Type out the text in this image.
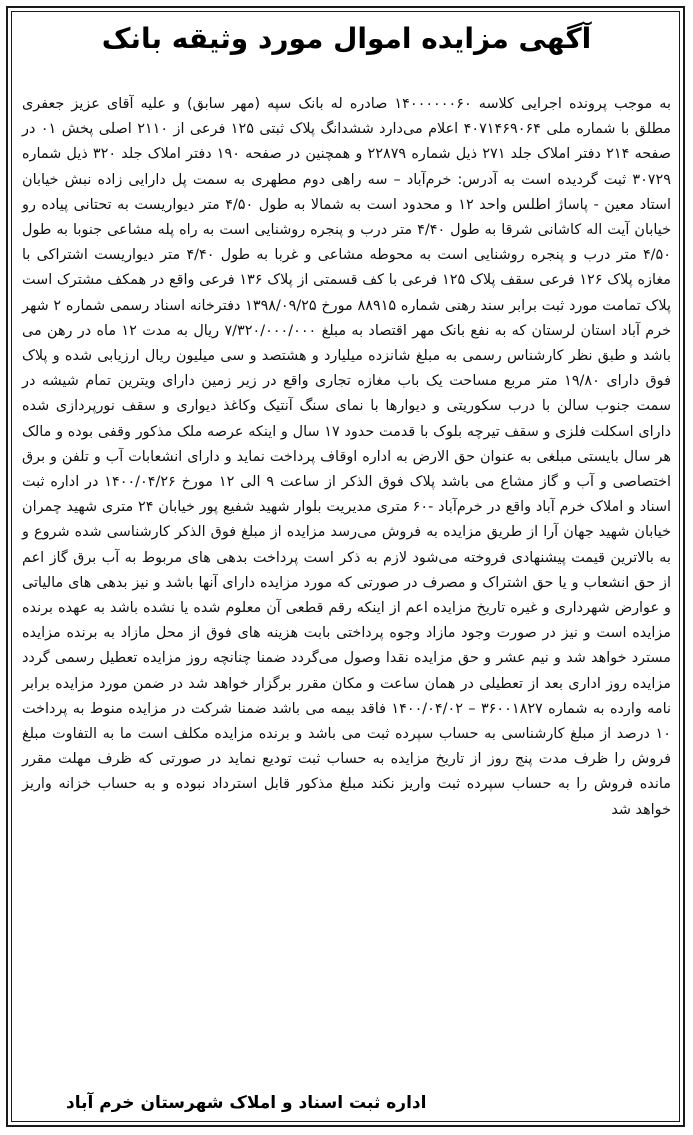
آگهی مزایده اموال مورد وثیقه بانک

به موجب پرونده اجرایی کلاسه ۱۴۰۰۰۰۰۰۶۰ صادره له بانک سپه (مهر سابق) و علیه آقای عزیز جعفری مطلق با شماره ملی ۴۰۷۱۴۶۹۰۶۴ اعلام می‌دارد ششدانگ پلاک ثبتی ۱۲۵ فرعی از ۲۱۱۰ اصلی پخش ۰۱ در صفحه ۲۱۴ دفتر املاک جلد ۲۷۱ ذیل شماره ۲۲۸۷۹ و همچنین در صفحه ۱۹۰ دفتر املاک جلد ۳۲۰ ذیل شماره ۳۰۷۲۹ ثبت گردیده است به آدرس: خرم‌آباد – سه راهی دوم مطهری به سمت پل دارایی زاده نبش خیابان استاد معین - پاساژ اطلس واحد ۱۲ و محدود است به شمالا به طول ۴/۵۰ متر دیواریست به تحتانی پیاده رو خیابان آیت اله کاشانی شرقا به طول ۴/۴۰ متر درب و پنجره روشنایی است به راه پله مشاعی جنوبا به طول ۴/۵۰ متر درب و پنجره روشنایی است به محوطه مشاعی و غربا به طول ۴/۴۰ متر دیواریست اشتراکی با مغازه پلاک ۱۲۶ فرعی سقف پلاک ۱۲۵ فرعی با کف قسمتی از پلاک ۱۳۶ فرعی واقع در همکف مشترک است پلاک تمامت مورد ثبت برابر سند رهنی شماره ۸۸۹۱۵ مورخ ۱۳۹۸/۰۹/۲۵ دفترخانه اسناد رسمی شماره ۲ شهر خرم آباد استان لرستان که به نفع بانک مهر اقتصاد به مبلغ ۷/۳۲۰/۰۰۰/۰۰۰ ریال به مدت ۱۲ ماه در رهن می باشد و طبق نظر کارشناس رسمی به مبلغ شانزده میلیارد و هشتصد و سی میلیون ریال ارزیابی شده و پلاک فوق دارای ۱۹/۸۰ متر مربع مساحت یک باب مغازه تجاری واقع در زیر زمین دارای ویترین تمام شیشه در سمت جنوب سالن با درب سکوریتی و دیوارها با نمای سنگ آنتیک وکاغذ دیواری و سقف نورپردازی شده دارای اسکلت فلزی و سقف تیرچه بلوک با قدمت حدود ۱۷ سال و اینکه عرصه ملک مذکور وقفی بوده و مالک هر سال بایستی مبلغی به عنوان حق الارض به اداره اوقاف پرداخت نماید و دارای انشعابات آب و تلفن و برق اختصاصی و آب و گاز مشاع می باشد پلاک فوق الذکر از ساعت ۹ الی ۱۲ مورخ ۱۴۰۰/۰۴/۲۶ در اداره ثبت اسناد و املاک خرم آباد واقع در خرم‌آباد -۶۰ متری مدیریت بلوار شهید شفیع پور خیابان ۲۴ متری شهید چمران خیابان شهید جهان آرا از طریق مزایده به فروش می‌رسد مزایده از مبلغ فوق الذکر کارشناسی شده شروع و به بالاترین قیمت پیشنهادی فروخته می‌شود لازم به ذکر است پرداخت بدهی های مربوط به آب برق گاز اعم از حق انشعاب و یا حق اشتراک و مصرف در صورتی که مورد مزایده دارای آنها باشد و نیز بدهی های مالیاتی و عوارض شهرداری و غیره تاریخ مزایده اعم از اینکه رقم قطعی آن معلوم شده یا نشده باشد به عهده برنده مزایده است و نیز در صورت وجود مازاد وجوه پرداختی بابت هزینه های فوق از محل مازاد به برنده مزایده مسترد خواهد شد و نیم عشر و حق مزایده نقدا وصول می‌گردد ضمنا چنانچه روز مزایده تعطیل رسمی گردد مزایده روز اداری بعد از تعطیلی در همان ساعت و مکان مقرر برگزار خواهد شد در ضمن مورد مزایده برابر نامه وارده به شماره ۳۶۰۰۱۸۲۷ – ۱۴۰۰/۰۴/۰۲ فاقد بیمه می باشد ضمنا شرکت در مزایده منوط به پرداخت ۱۰ درصد از مبلغ کارشناسی به حساب سپرده ثبت می باشد و برنده مزایده مکلف است ما به التفاوت مبلغ فروش را ظرف مدت پنج روز از تاریخ مزایده به حساب ثبت تودیع نماید در صورتی که ظرف مهلت مقرر مانده فروش را به حساب سپرده ثبت واریز نکند مبلغ مذکور قابل استرداد نبوده و به حساب خزانه واریز خواهد شد

اداره ثبت اسناد و املاک شهرستان خرم آباد
